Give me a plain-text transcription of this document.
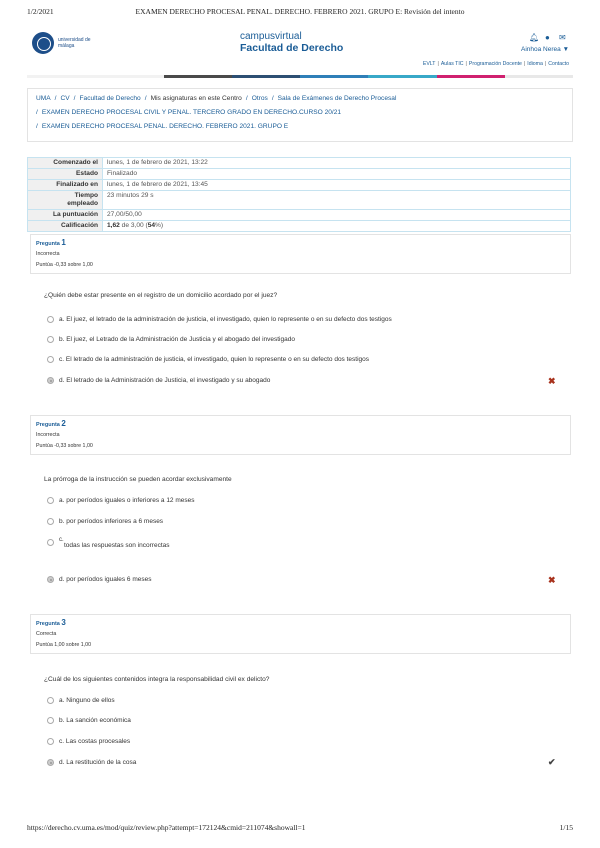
1/2/2021	EXAMEN DERECHO PROCESAL PENAL. DERECHO. FEBRERO 2021. GRUPO E: Revisión del intento
universidad de málaga
campusvirtual
Facultad de Derecho
🔔︎ ● ✉
Ainhoa Nerea ▼
EVLT | Aulas TIC | Programación Docente | Idioma | Contacto
UMA / CV / Facultad de Derecho / Mis asignaturas en este Centro / Otros / Sala de Exámenes de Derecho Procesal
/ EXAMEN DERECHO PROCESAL CIVIL Y PENAL. TERCERO GRADO EN DERECHO.CURSO 20/21
/ EXAMEN DERECHO PROCESAL PENAL. DERECHO. FEBRERO 2021. GRUPO E
Comenzado el	lunes, 1 de febrero de 2021, 13:22
Estado	Finalizado
Finalizado en	lunes, 1 de febrero de 2021, 13:45
Tiempo empleado	23 minutos 29 s
La puntuación	27,00/50,00
Calificación	1,62 de 3,00 (54%)
Pregunta 1
Incorrecta
Puntúa -0,33 sobre 1,00
¿Quién debe estar presente en el registro de un domicilio acordado por el juez?
a. El juez, el letrado de la administración de justicia, el investigado, quien lo represente o en su defecto dos testigos
b. El juez, el Letrado de la Administración de Justicia y el abogado del investigado
c. El letrado de la administración de justicia, el investigado, quien lo represente o en su defecto dos testigos
d. El letrado de la Administración de Justicia, el investigado y su abogado	✖
Pregunta 2
Incorrecta
Puntúa -0,33 sobre 1,00
La prórroga de la instrucción se pueden acordar exclusivamente
a. por períodos iguales o inferiores a 12 meses
b. por períodos inferiores a 6 meses
c.
todas las respuestas son incorrectas
d. por períodos iguales 6 meses	✖
Pregunta 3
Correcta
Puntúa 1,00 sobre 1,00
¿Cuál de los siguientes contenidos integra la responsabilidad civil ex delicto?
a. Ninguno de ellos
b. La sanción económica
c. Las costas procesales
d. La restitución de la cosa	✔
https://derecho.cv.uma.es/mod/quiz/review.php?attempt=172124&cmid=211074&showall=1	1/15
